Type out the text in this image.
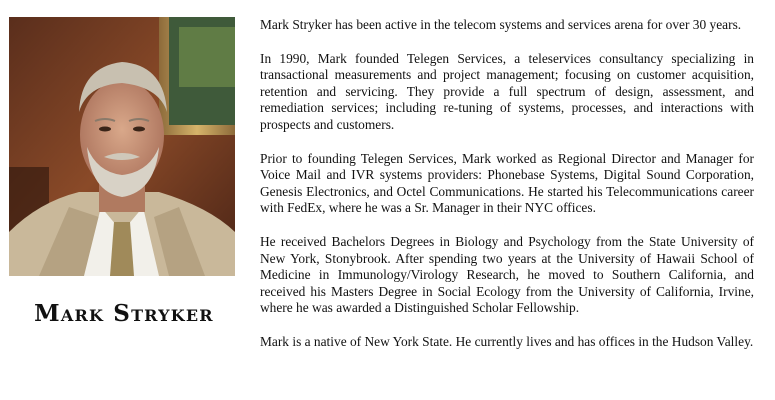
Mark Stryker

Mark Stryker has been active in the telecom systems and services arena for over 30 years.

In 1990, Mark founded Telegen Services, a teleservices consultancy specializing in transactional measurements and project management; focusing on customer acquisition, retention and servicing. They provide a full spectrum of design, assessment, and remediation services; including re-tuning of systems, processes, and interactions with prospects and customers.

Prior to founding Telegen Services, Mark worked as Regional Director and Manager for Voice Mail and IVR systems providers: Phonebase Systems, Digital Sound Corporation, Genesis Electronics, and Octel Communications. He started his Telecommunications career with FedEx, where he was a Sr. Manager in their NYC offices.

He received Bachelors Degrees in Biology and Psychology from the State University of New York, Stonybrook. After spending two years at the University of Hawaii School of Medicine in Immunology/Virology Research, he moved to Southern California, and received his Masters Degree in Social Ecology from the University of California, Irvine, where he was awarded a Distinguished Scholar Fellowship.

Mark is a native of New York State. He currently lives and has offices in the Hudson Valley.
